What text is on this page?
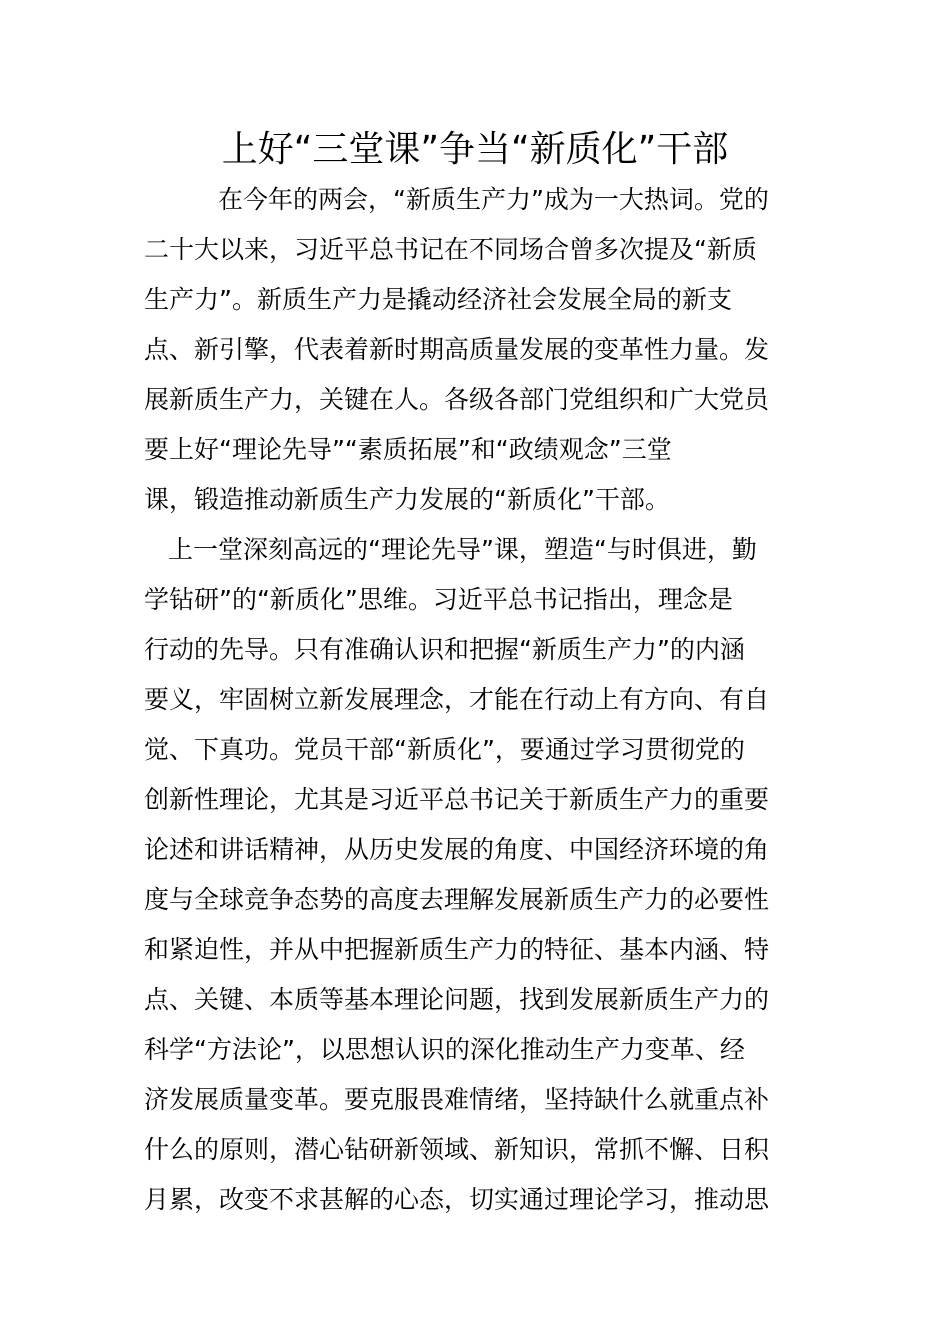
上好“三堂课”争当“新质化”干部
在今年的两会，“新质生产力”成为一大热词。党的
二十大以来，习近平总书记在不同场合曾多次提及“新质
生产力”。新质生产力是撬动经济社会发展全局的新支
点、新引擎，代表着新时期高质量发展的变革性力量。发
展新质生产力，关键在人。各级各部门党组织和广大党员
要上好“理论先导”“素质拓展”和“政绩观念”三堂
课，锻造推动新质生产力发展的“新质化”干部。
上一堂深刻高远的“理论先导”课，塑造“与时俱进，勤
学钻研”的“新质化”思维。习近平总书记指出，理念是
行动的先导。只有准确认识和把握“新质生产力”的内涵
要义，牢固树立新发展理念，才能在行动上有方向、有自
觉、下真功。党员干部“新质化”，要通过学习贯彻党的
创新性理论，尤其是习近平总书记关于新质生产力的重要
论述和讲话精神，从历史发展的角度、中国经济环境的角
度与全球竞争态势的高度去理解发展新质生产力的必要性
和紧迫性，并从中把握新质生产力的特征、基本内涵、特
点、关键、本质等基本理论问题，找到发展新质生产力的
科学“方法论”，以思想认识的深化推动生产力变革、经
济发展质量变革。要克服畏难情绪，坚持缺什么就重点补
什么的原则，潜心钻研新领域、新知识，常抓不懈、日积
月累，改变不求甚解的心态，切实通过理论学习，推动思
